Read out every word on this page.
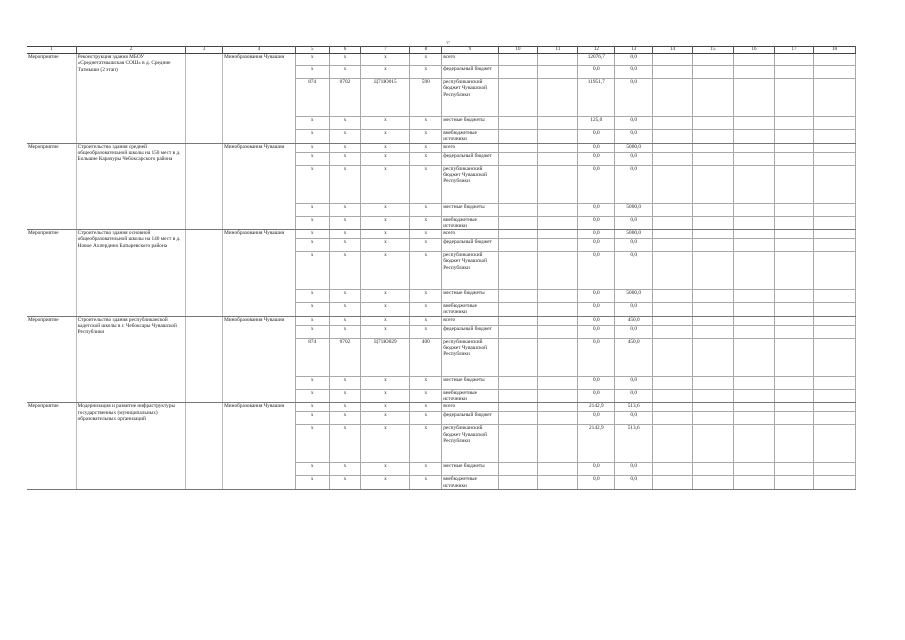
37
1	2	3	4	5	6	7	8	9	10	11	12	13	14	15	16	17	18
Мероприятие	Реконструкция здания МБОУ «Среднетатмышская СОШ» в д. Средние Татмыши (2 этап)		Минобразования Чувашии	x	x	x	x	всего			12076,7	0,0					
				x	x	x	x	федеральный бюджет			0,0	0,0					
				874	0702	Ц71Ю015	590	республиканский бюджет Чувашской Республики			11951,7	0,0					
				x	x	x	x	местные бюджеты			125,0	0,0					
				x	x	x	x	внебюджетные источники			0,0	0,0					
Мероприятие	Строительство здания средней общеобразовательной школы на 150 мест в д. Большие Карачуры Чебоксарского района		Минобразования Чувашии	x	x	x	x	всего			0,0	5000,0					
				x	x	x	x	федеральный бюджет			0,0	0,0					
				x	x	x	x	республиканский бюджет Чувашской Республики			0,0	0,0					
				x	x	x	x	местные бюджеты			0,0	5000,0					
				x	x	x	x	внебюджетные источники			0,0	0,0					
Мероприятие	Строительство здания основной общеобразовательной школы на 140 мест в д. Новое Ахпердино Батыревского района		Минобразования Чувашии	x	x	x	x	всего			0,0	5000,0					
				x	x	x	x	федеральный бюджет			0,0	0,0					
				x	x	x	x	республиканский бюджет Чувашской Республики			0,0	0,0					
				x	x	x	x	местные бюджеты			0,0	5000,0					
				x	x	x	x	внебюджетные источники			0,0	0,0					
Мероприятие	Строительство здания республиканской кадетской школы в г. Чебоксары Чувашской Республики		Минобразования Чувашии	x	x	x	x	всего			0,0	450,0					
				x	x	x	x	федеральный бюджет			0,0	0,0					
				874	0702	Ц71Ю029	400	республиканский бюджет Чувашской Республики			0,0	450,0					
				x	x	x	x	местные бюджеты			0,0	0,0					
				x	x	x	x	внебюджетные источники			0,0	0,0					
Мероприятие	Модернизация и развитие инфраструктуры государственных (муниципальных) образовательных организаций		Минобразования Чувашии	x	x	x	x	всего			2142,9	513,6					
				x	x	x	x	федеральный бюджет			0,0	0,0					
				x	x	x	x	республиканский бюджет Чувашской Республики			2142,9	513,6					
				x	x	x	x	местные бюджеты			0,0	0,0					
				x	x	x	x	внебюджетные источники			0,0	0,0					
